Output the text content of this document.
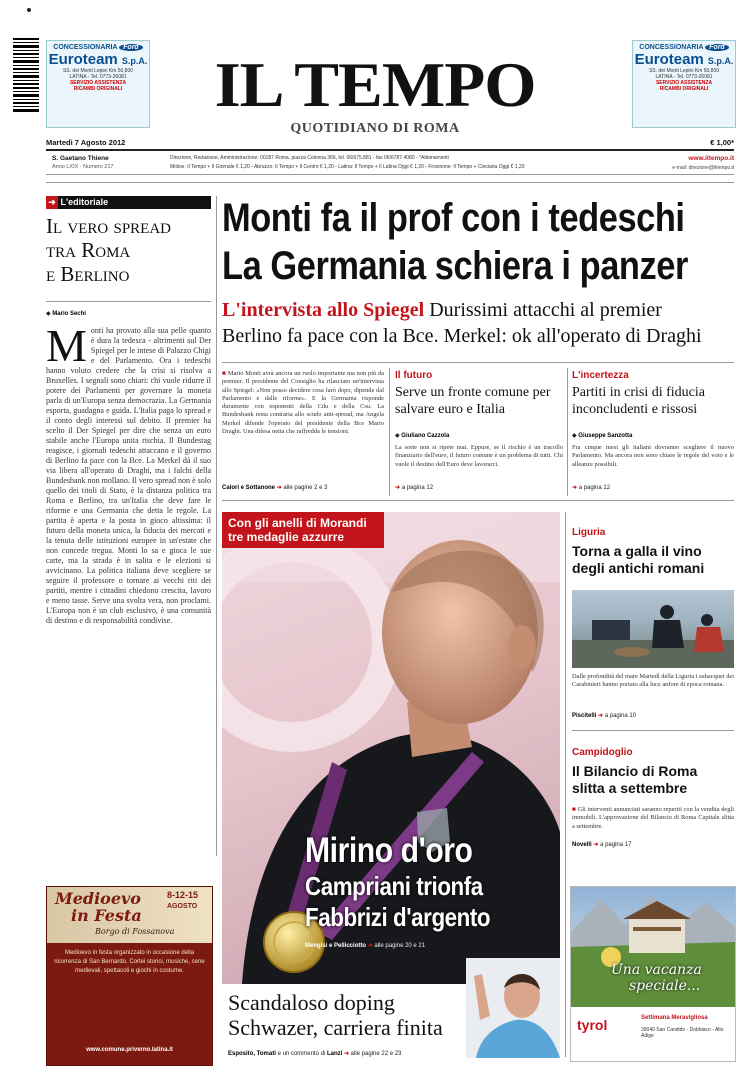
CONCESSIONARIA Ford
Euroteam S.p.A.
SS. dei Monti Lepini Km 50,800
LATINA - Tel. 0773-26081
SERVIZIO ASSISTENZA
RICAMBI ORIGINALI
CONCESSIONARIA Ford
Euroteam S.p.A.
SS. dei Monti Lepini Km 50,800
LATINA - Tel. 0773-26081
SERVIZIO ASSISTENZA
RICAMBI ORIGINALI
IL TEMPO
QUOTIDIANO DI ROMA
Martedì 7 Agosto 2012	€ 1,00*
S. Gaetano Thiene
Anno LXIX - Numero 217
Direzione, Redazione, Amministrazione: 00187 Roma, piazza Colonna 366, tel. 06/675.881 - fax 06/6787.4080 - *Abbinamenti
Molise: Il Tempo + Il Giornale € 1,20 - Abruzzo: Il Tempo + Il Centro € 1,20 - Latina: Il Tempo + Il Latina Oggi € 1,20 - Frosinone: Il Tempo + Ciociaria Oggi € 1,20
www.iltempo.it
e-mail: direzione@iltempo.it
➜ L'editoriale
Il vero spread
tra Roma
e Berlino
◆ Mario Sechi
M onti ha provato alla sua pelle quanto è dura la tedesca - altrimenti sul Der Spiegel per le intese di Palazzo Chigi e del Parlamento. Ora i tedeschi hanno voluto credere che la crisi si risolva a Bruxelles. I segnali sono chiari: chi vuole ridurre il potere dei Parlamenti per governare la moneta parla di un'Europa senza democrazia. La Germania esporta, guadagna e guida. L'Italia paga lo spread e il conto degli interessi sul debito. Il premier ha scelto il Der Spiegel per dire che senza un euro stabile anche l'Europa unita rischia. Il Bundestag reagisce, i giornali tedeschi attaccano e il governo di Berlino fa pace con la Bce. La Merkel dà il suo via libera all'operato di Draghi, ma i falchi della Bundesbank non mollano. Il vero spread non è solo quello dei titoli di Stato, è la distanza politica tra Roma e Berlino, tra un'Italia che deve fare le riforme e una Germania che detta le regole. La partita è aperta e la posta in gioco altissima: il futuro della moneta unica, la fiducia dei mercati e la tenuta delle istituzioni europee in un'estate che non concede tregua. Monti lo sa e gioca le sue carte, ma la strada è in salita e le elezioni si avvicinano. La politica italiana deve scegliere se seguire il professore o tornare ai vecchi riti dei partiti, mentre i cittadini chiedono crescita, lavoro e meno tasse. Serve una svolta vera, non proclami. L'Europa non è un club esclusivo, è una comunità di destino e di responsabilità condivise.
Monti fa il prof con i tedeschi
La Germania schiera i panzer
L'intervista allo Spiegel Durissimi attacchi al premier
Berlino fa pace con la Bce. Merkel: ok all'operato di Draghi
■ Mario Monti avrà ancora un ruolo importante ma non più da premier. Il presidente del Consiglio ha rilasciato un'intervista allo Spiegel: «Non posso decidere cosa farò dopo, dipende dal Parlamento e dalle riforme». E la Germania risponde duramente con esponenti della Cdu e della Csu. La Bundesbank resta contraria allo scudo anti-spread, ma Angela Merkel difende l'operato del presidente della Bce Mario Draghi. Una difesa netta che raffredda le tensioni.
Calori e Sottanone ➜ alle pagine 2 e 3
Il futuro
Serve un fronte comune per salvare euro e Italia
◆ Giuliano Cazzola
La sorte non si ripete mai. Eppure, se il rischio è un tracollo finanziario dell'euro, il futuro comune è un problema di tutti. Chi vuole il destino dell'Euro deve lavorarci.
➜ a pagina 12
L'incertezza
Partiti in crisi di fiducia inconcludenti e rissosi
◆ Giuseppe Sanzotta
Fra cinque mesi gli italiani dovranno scegliere il nuovo Parlamento. Ma ancora non sono chiare le regole del voto e le alleanze possibili.
➜ a pagina 12
Con gli anelli di Morandi
tre medaglie azzurre
Mirino d'oro
Campriani trionfa
Fabbrizi d'argento
Mengisi e Pellicciotto ➜ alle pagine 20 e 21
Scandaloso doping
Schwazer, carriera finita
Esposito, Tomati e un commento di Lanzi ➜ alle pagine 22 e 23
Liguria
Torna a galla il vino
degli antichi romani
Dalle profondità del mare Martedì della Liguria i subacquei dei Carabinieri hanno portato alla luce anfore di epoca romana.
Piscitelli ➜ a pagina 10
Campidoglio
Il Bilancio di Roma
slitta a settembre
■ Gli interventi annunciati saranno reperiti con la vendita degli immobili. L'approvazione del Bilancio di Roma Capitale slitta a settembre.
Novelli ➜ a pagina 17
Una vacanza
speciale...
tyrol	Settimana Meravigliosa
39040 San Candido - Dobbiaco - Alto Adige
Medioevo
in Festa
8-12-15
AGOSTO
Borgo di Fossanova
Medioevo in festa organizzato in occasione della ricorrenza di San Bernardo. Cortei storici, musiche, cene medievali, spettacoli e giochi in costume.
www.comune.priverno.latina.it
